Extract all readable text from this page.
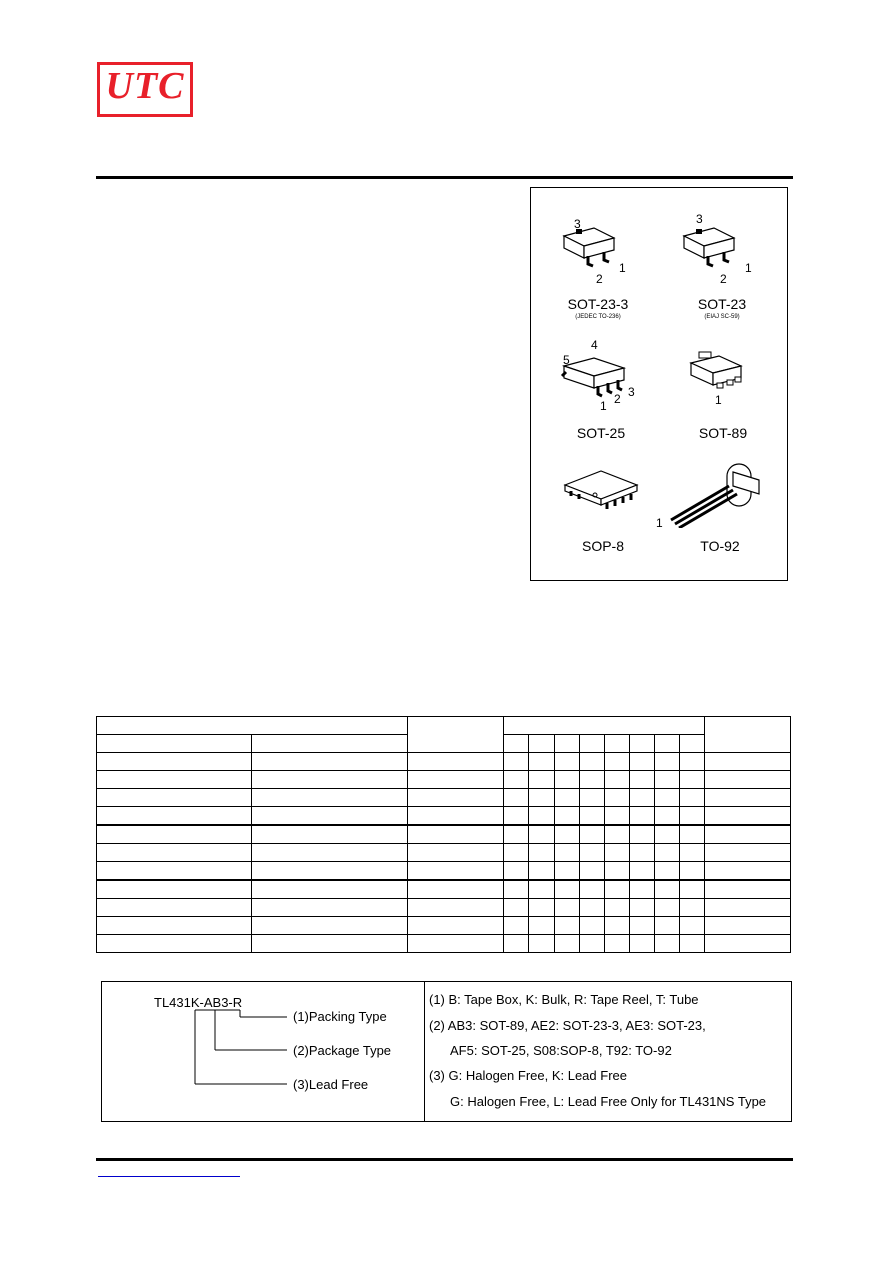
UTC
3
2
1
SOT-23-3
(JEDEC TO-236)
3
2
1
SOT-23
(EIAJ SC-59)
5
4
1 2 3
SOT-25
1
SOT-89
SOP-8
1
TO-92

TL431K-AB3-R
(1)Packing Type
(2)Package Type
(3)Lead Free
(1) B: Tape Box, K: Bulk, R: Tape Reel, T: Tube
(2) AB3: SOT-89, AE2: SOT-23-3, AE3: SOT-23,
AF5: SOT-25, S08:SOP-8, T92: TO-92
(3) G: Halogen Free, K: Lead Free
G: Halogen Free, L: Lead Free Only for TL431NS Type
